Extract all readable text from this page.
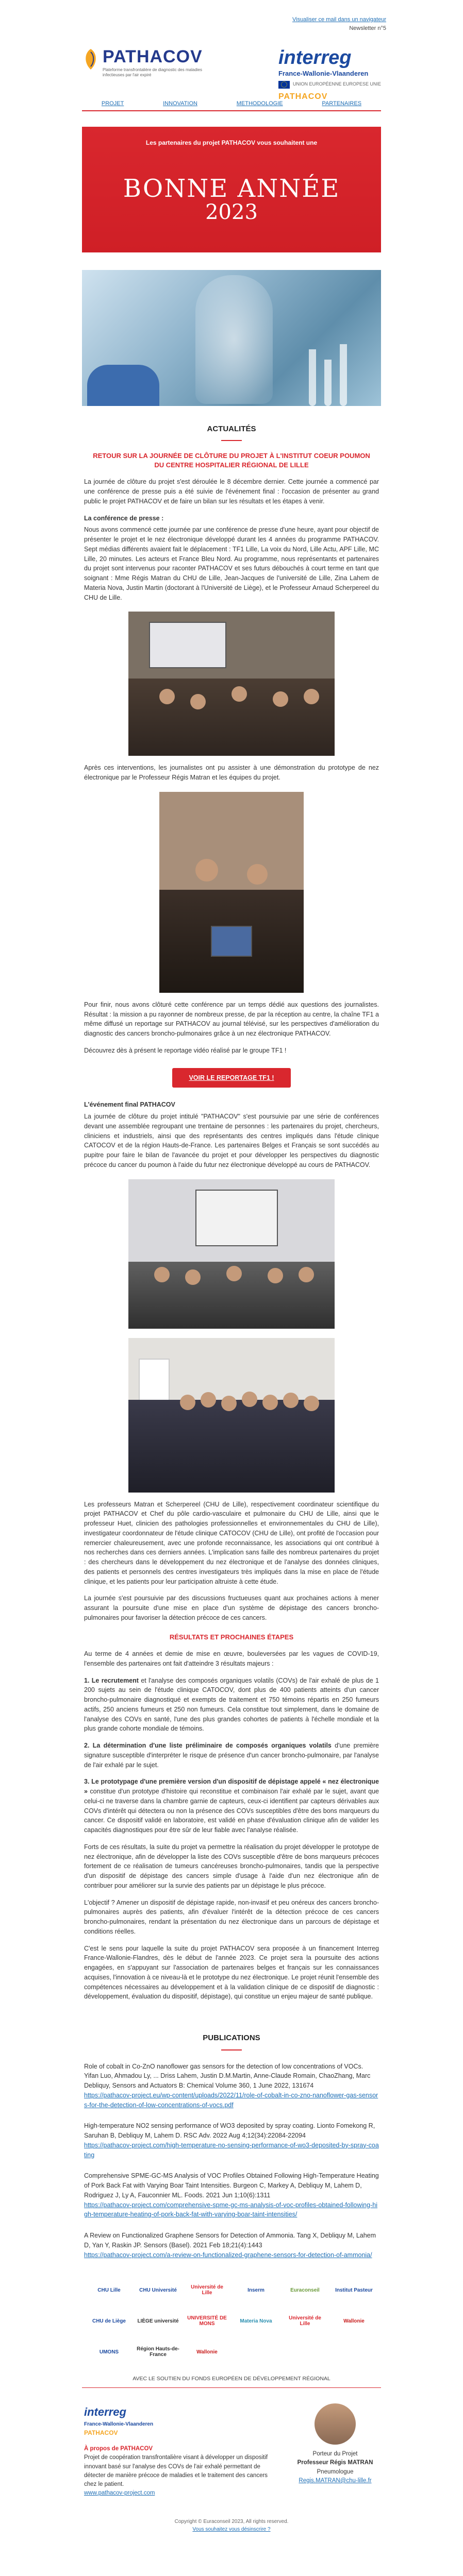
Visualiser ce mail dans un navigateur
Newsletter n°5
PATHACOV
Plateforme transfrontalière de diagnostic des maladies infectieuses par l'air expiré
interreg
France-Wallonie-Vlaanderen
UNION EUROPÉENNE EUROPESE UNIE
PATHACOV
PROJET	INNOVATION	METHODOLOGIE	PARTENAIRES
Les partenaires du projet PATHACOV vous souhaitent une
BONNE ANNÉE
2023
ACTUALITÉS
RETOUR SUR LA JOURNÉE DE CLÔTURE DU PROJET À L'INSTITUT COEUR POUMON DU CENTRE HOSPITALIER RÉGIONAL DE LILLE

La journée de clôture du projet s'est déroulée le 8 décembre dernier. Cette journée a commencé par une conférence de presse puis a été suivie de l'événement final : l'occasion de présenter au grand public le projet PATHACOV et de faire un bilan sur les résultats et les étapes à venir.

La conférence de presse :

Nous avons commencé cette journée par une conférence de presse d'une heure, ayant pour objectif de présenter le projet et le nez électronique développé durant les 4 années du programme PATHACOV. Sept médias différents avaient fait le déplacement : TF1 Lille, La voix du Nord, Lille Actu, APF Lille, MC Lille, 20 minutes. Les acteurs et France Bleu Nord. Au programme, nous représentants et partenaires du projet sont intervenus pour raconter PATHACOV et ses futurs débouchés à court terme en tant que soignant : Mme Régis Matran du CHU de Lille, Jean-Jacques de l'université de Lille, Zina Lahem de Materia Nova, Justin Martin (doctorant à l'Université de Liège), et le Professeur Arnaud Scherpereel du CHU de Lille.

Après ces interventions, les journalistes ont pu assister à une démonstration du prototype de nez électronique par le Professeur Régis Matran et les équipes du projet.

Pour finir, nous avons clôturé cette conférence par un temps dédié aux questions des journalistes. Résultat : la mission a pu rayonner de nombreux presse, de par la réception au centre, la chaîne TF1 a même diffusé un reportage sur PATHACOV au journal télévisé, sur les perspectives d'amélioration du diagnostic des cancers broncho-pulmonaires grâce à un nez électronique PATHACOV.

Découvrez dès à présent le reportage vidéo réalisé par le groupe TF1 !

VOIR LE REPORTAGE TF1 !
L'événement final PATHACOV

La journée de clôture du projet intitulé "PATHACOV" s'est poursuivie par une série de conférences devant une assemblée regroupant une trentaine de personnes : les partenaires du projet, chercheurs, cliniciens et industriels, ainsi que des représentants des centres impliqués dans l'étude clinique CATOCOV et de la région Hauts-de-France. Les partenaires Belges et Français se sont succédés au pupitre pour faire le bilan de l'avancée du projet et pour développer les perspectives du diagnostic précoce du cancer du poumon à l'aide du futur nez électronique développé au cours de PATHACOV.

Les professeurs Matran et Scherpereel (CHU de Lille), respectivement coordinateur scientifique du projet PATHACOV et Chef du pôle cardio-vasculaire et pulmonaire du CHU de Lille, ainsi que le professeur Huet, clinicien des pathologies professionnelles et environnementales du CHU de Lille), investigateur coordonnateur de l'étude clinique CATOCOV (CHU de Lille), ont profité de l'occasion pour remercier chaleureusement, avec une profonde reconnaissance, les associations qui ont contribué à nos recherches dans ces derniers années. L'implication sans faille des nombreux partenaires du projet : des chercheurs dans le développement du nez électronique et de l'analyse des données cliniques, des patients et personnels des centres investigateurs très impliqués dans la mise en place de l'étude clinique, et les patients pour leur participation altruiste à cette étude.

La journée s'est poursuivie par des discussions fructueuses quant aux prochaines actions à mener assurant la poursuite d'une mise en place d'un système de dépistage des cancers broncho-pulmonaires pour favoriser la détection précoce de ces cancers.

RÉSULTATS ET PROCHAINES ÉTAPES

Au terme de 4 années et demie de mise en œuvre, bouleversées par les vagues de COVID-19, l'ensemble des partenaires ont fait d'atteindre 3 résultats majeurs :

1. Le recrutement et l'analyse des composés organiques volatils (COVs) de l'air exhalé de plus de 1 200 sujets au sein de l'étude clinique CATOCOV, dont plus de 400 patients atteints d'un cancer broncho-pulmonaire diagnostiqué et exempts de traitement et 750 témoins répartis en 250 fumeurs actifs, 250 anciens fumeurs et 250 non fumeurs. Cela constitue tout simplement, dans le domaine de l'analyse des COVs en santé, l'une des plus grandes cohortes de patients à l'échelle mondiale et la plus grande cohorte mondiale de témoins.

2. La détermination d'une liste préliminaire de composés organiques volatils d'une première signature susceptible d'interpréter le risque de présence d'un cancer broncho-pulmonaire, par l'analyse de l'air exhalé par le sujet.

3. Le prototypage d'une première version d'un dispositif de dépistage appelé « nez électronique » constitue d'un prototype d'histoire qui reconstitue et combinaison l'air exhalé par le sujet, avant que celui-ci ne traverse dans la chambre garnie de capteurs, ceux-ci identifient par capteurs dérivables aux COVs d'intérêt qui détectera ou non la présence des COVs susceptibles d'être des bons marqueurs du cancer. Ce dispositif validé en laboratoire, est validé en phase d'évaluation clinique afin de valider les capacités diagnostiques pour être sûr de leur fiable avec l'analyse réalisée.

Forts de ces résultats, la suite du projet va permettre la réalisation du projet développer le prototype de nez électronique, afin de développer la liste des COVs susceptible d'être de bons marqueurs précoces fortement de ce réalisation de tumeurs cancéreuses broncho-pulmonaires, tandis que la perspective d'un dispositif de dépistage des cancers simple d'usage à l'aide d'un nez électronique afin de contribuer pour améliorer sur la survie des patients par un dépistage le plus précoce.

L'objectif ? Amener un dispositif de dépistage rapide, non-invasif et peu onéreux des cancers broncho-pulmonaires auprès des patients, afin d'évaluer l'intérêt de la détection précoce de ces cancers broncho-pulmonaires, rendant la présentation du nez électronique dans un parcours de dépistage et conditions réelles.

C'est le sens pour laquelle la suite du projet PATHACOV sera proposée à un financement Interreg France-Wallonie-Flandres, dès le début de l'année 2023. Ce projet sera la poursuite des actions engagées, en s'appuyant sur l'association de partenaires belges et français sur les connaissances acquises, l'innovation à ce niveau-là et le prototype du nez électronique. Le projet réunit l'ensemble des compétences nécessaires au développement et à la validation clinique de ce dispositif de diagnostic : développement, évaluation du dispositif, dépistage), qui constitue un enjeu majeur de santé publique.

PUBLICATIONS
Role of cobalt in Co-ZnO nanoflower gas sensors for the detection of low concentrations of VOCs. Yifan Luo, Ahmadou Ly, ... Driss Lahem, Justin D.M.Martin, Anne-Claude Romain, ChaoZhang, Marc Debliquy, Sensors and Actuators B: Chemical Volume 360, 1 June 2022, 131674
https://pathacov-project.eu/wp-content/uploads/2022/11/role-of-cobalt-in-co-zno-nanoflower-gas-sensors-for-the-detection-of-low-concentrations-of-vocs.pdf
High-temperature NO2 sensing performance of WO3 deposited by spray coating. Lionto Fomekong R, Saruhan B, Debliquy M, Lahem D. RSC Adv. 2022 Aug 4;12(34):22084-22094
https://pathacov-project.com/high-temperature-no-sensing-performance-of-wo3-deposited-by-spray-coating
Comprehensive SPME-GC-MS Analysis of VOC Profiles Obtained Following High-Temperature Heating of Pork Back Fat with Varying Boar Taint Intensities. Burgeon C, Markey A, Debliquy M, Lahem D, Rodriguez J, Ly A, Fauconnier ML. Foods. 2021 Jun 1;10(6):1311
https://pathacov-project.com/comprehensive-spme-gc-ms-analysis-of-voc-profiles-obtained-following-high-temperature-heating-of-pork-back-fat-with-varying-boar-taint-intensities/
A Review on Functionalized Graphene Sensors for Detection of Ammonia. Tang X, Debliquy M, Lahem D, Yan Y, Raskin JP. Sensors (Basel). 2021 Feb 18;21(4):1443
https://pathacov-project.com/a-review-on-functionalized-graphene-sensors-for-detection-of-ammonia/
CHU Lille	CHU Université	Université de Lille	Inserm	Euraconseil	Institut Pasteur
CHU de Liège	LIÈGE université	UNIVERSITÉ DE MONS	Materia Nova	Université de Lille	Wallonie
UMONS	Région Hauts-de-France	Wallonie
AVEC LE SOUTIEN DU FONDS EUROPÉEN DE DÉVELOPPEMENT RÉGIONAL
interreg
France-Wallonie-Vlaanderen
PATHACOV
À propos de PATHACOV
Projet de coopération transfrontalière visant à développer un dispositif innovant basé sur l'analyse des COVs de l'air exhalé permettant de détecter de manière précoce de maladies et le traitement des cancers chez le patient.
www.pathacov-project.com
Porteur du Projet
Professeur Régis MATRAN
Pneumologue
Regis.MATRAN@chu-lille.fr
Copyright © Euraconseil 2023, All rights reserved.
Vous souhaitez vous désinscrire ?
